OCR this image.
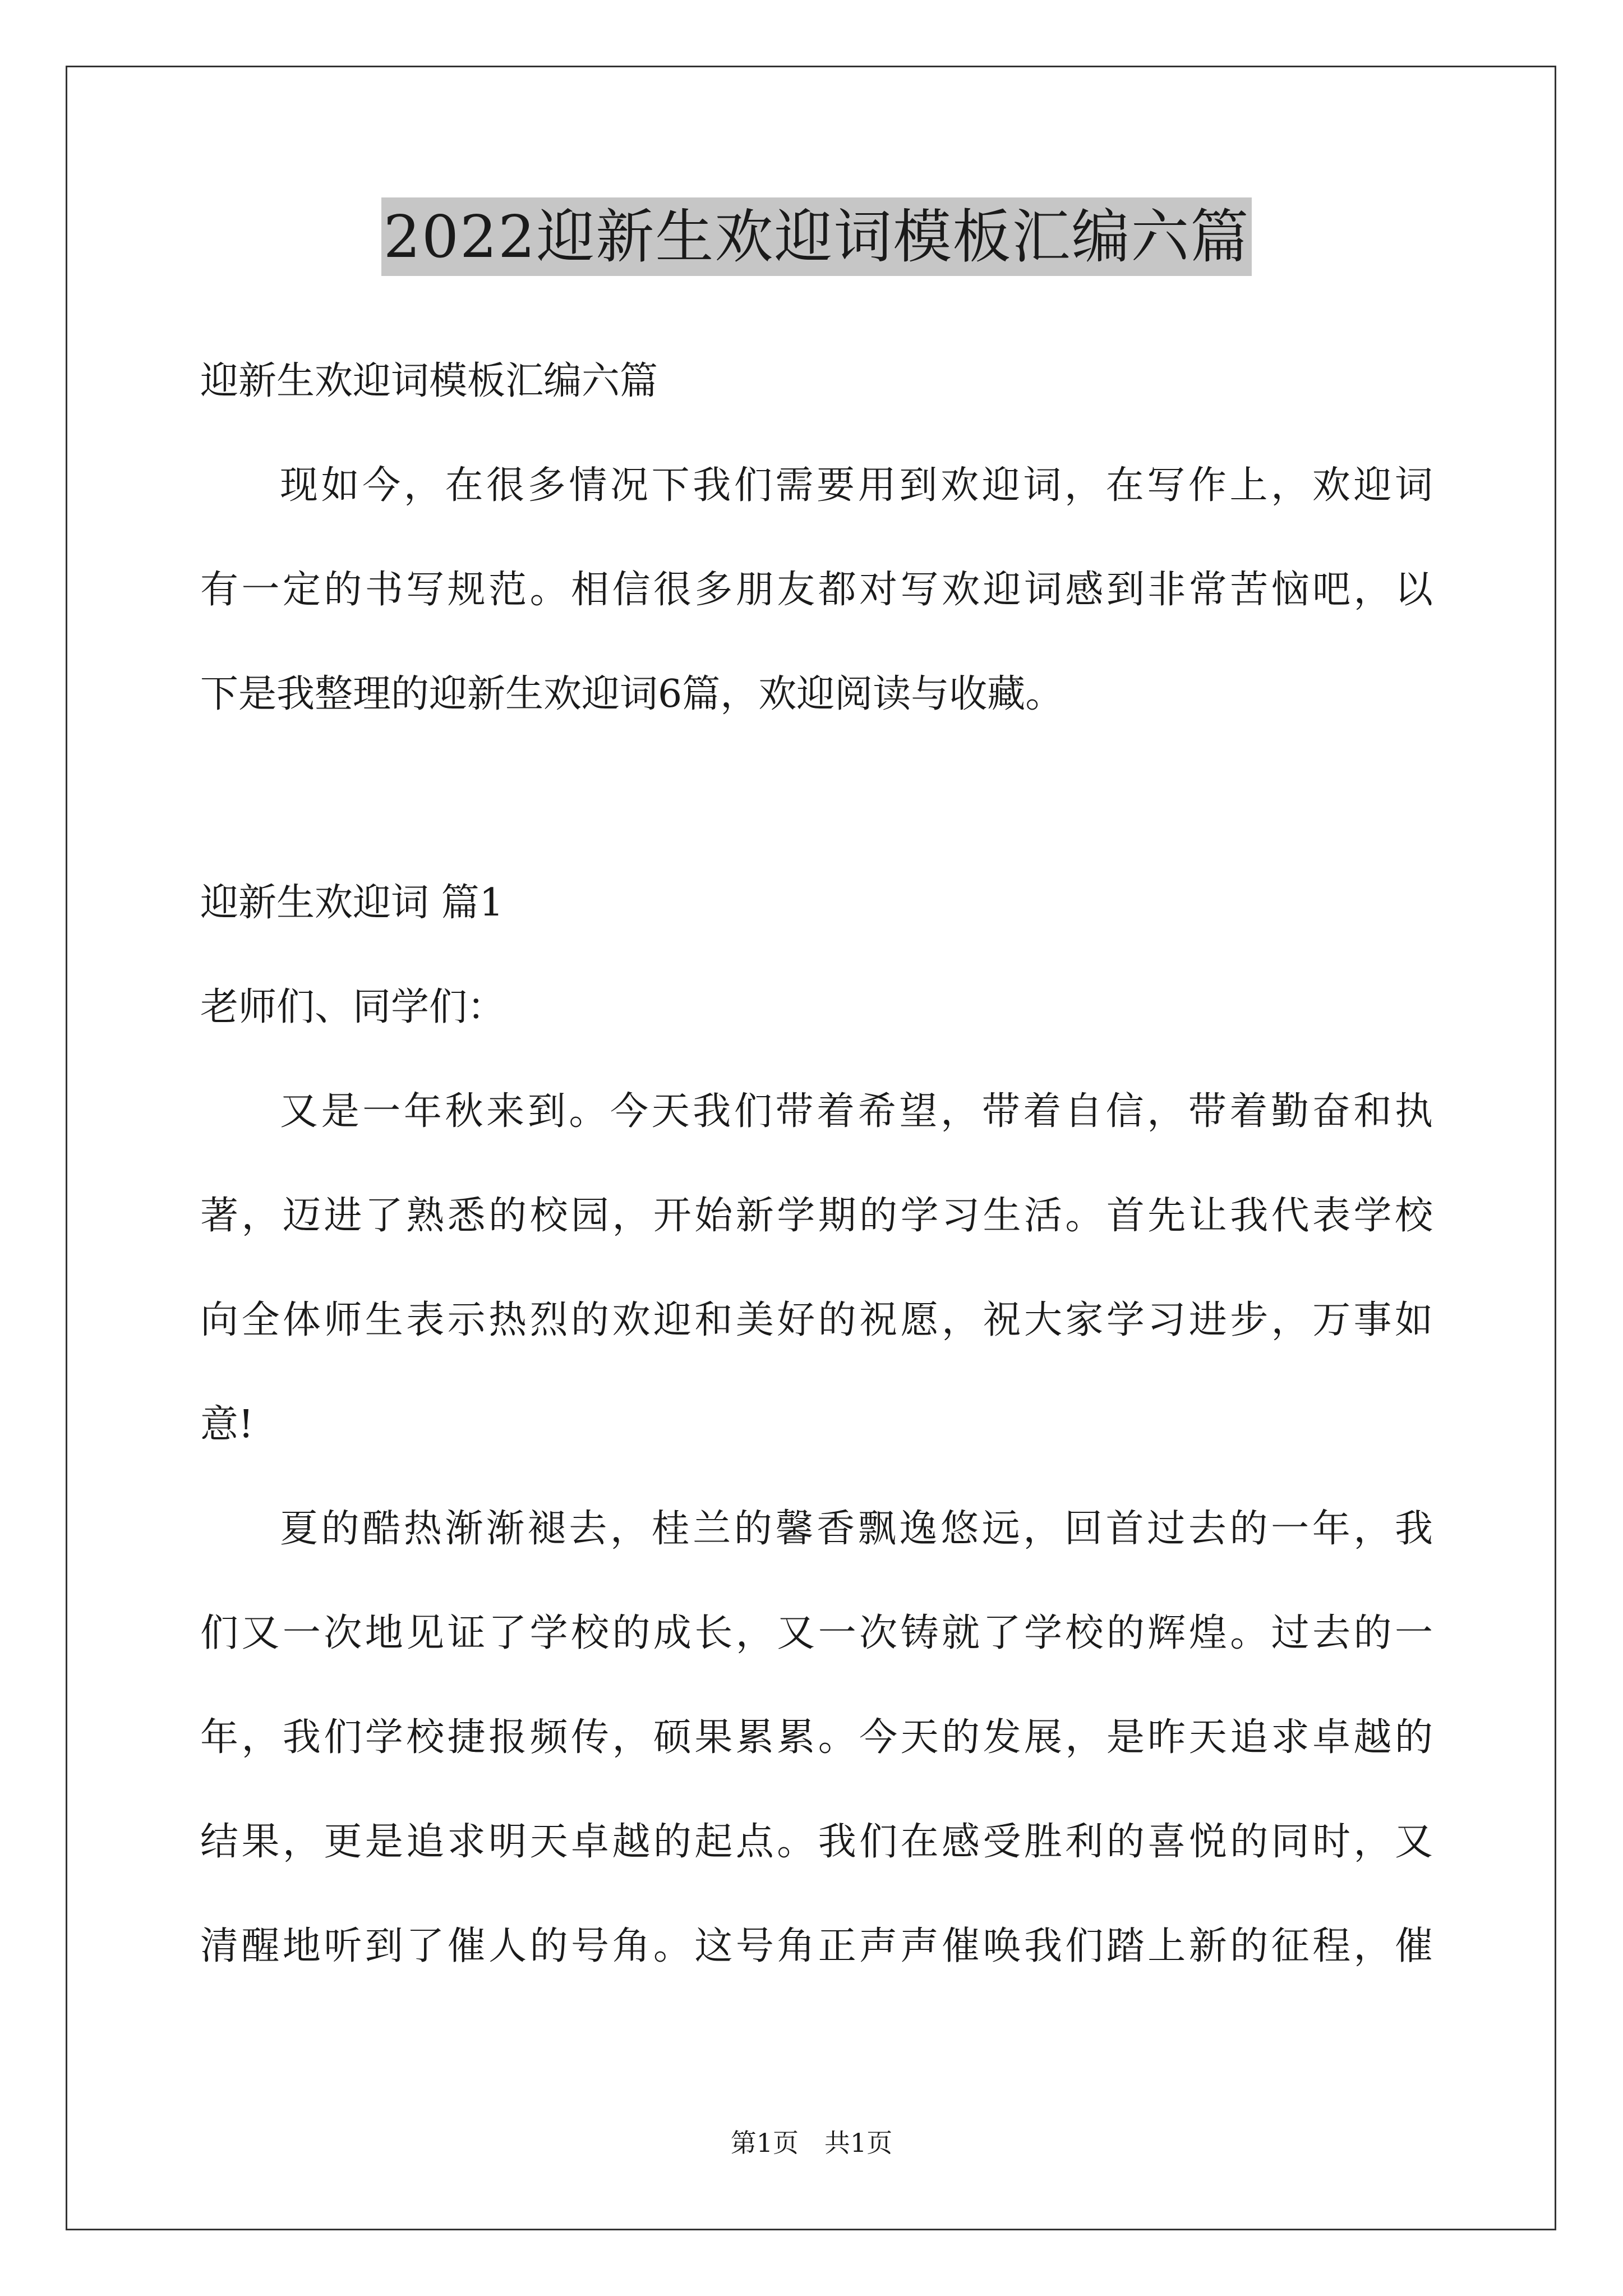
2022迎新生欢迎词模板汇编六篇
迎新生欢迎词模板汇编六篇
现如今，在很多情况下我们需要用到欢迎词，在写作上，欢迎词
有一定的书写规范。相信很多朋友都对写欢迎词感到非常苦恼吧，以
下是我整理的迎新生欢迎词6篇，欢迎阅读与收藏。
迎新生欢迎词 篇1
老师们、同学们：
又是一年秋来到。今天我们带着希望，带着自信，带着勤奋和执
著，迈进了熟悉的校园，开始新学期的学习生活。首先让我代表学校
向全体师生表示热烈的欢迎和美好的祝愿，祝大家学习进步，万事如
意!
夏的酷热渐渐褪去，桂兰的馨香飘逸悠远，回首过去的一年，我
们又一次地见证了学校的成长，又一次铸就了学校的辉煌。过去的一
年，我们学校捷报频传，硕果累累。今天的发展，是昨天追求卓越的
结果，更是追求明天卓越的起点。我们在感受胜利的喜悦的同时，又
清醒地听到了催人的号角。这号角正声声催唤我们踏上新的征程，催
第1页　共1页
